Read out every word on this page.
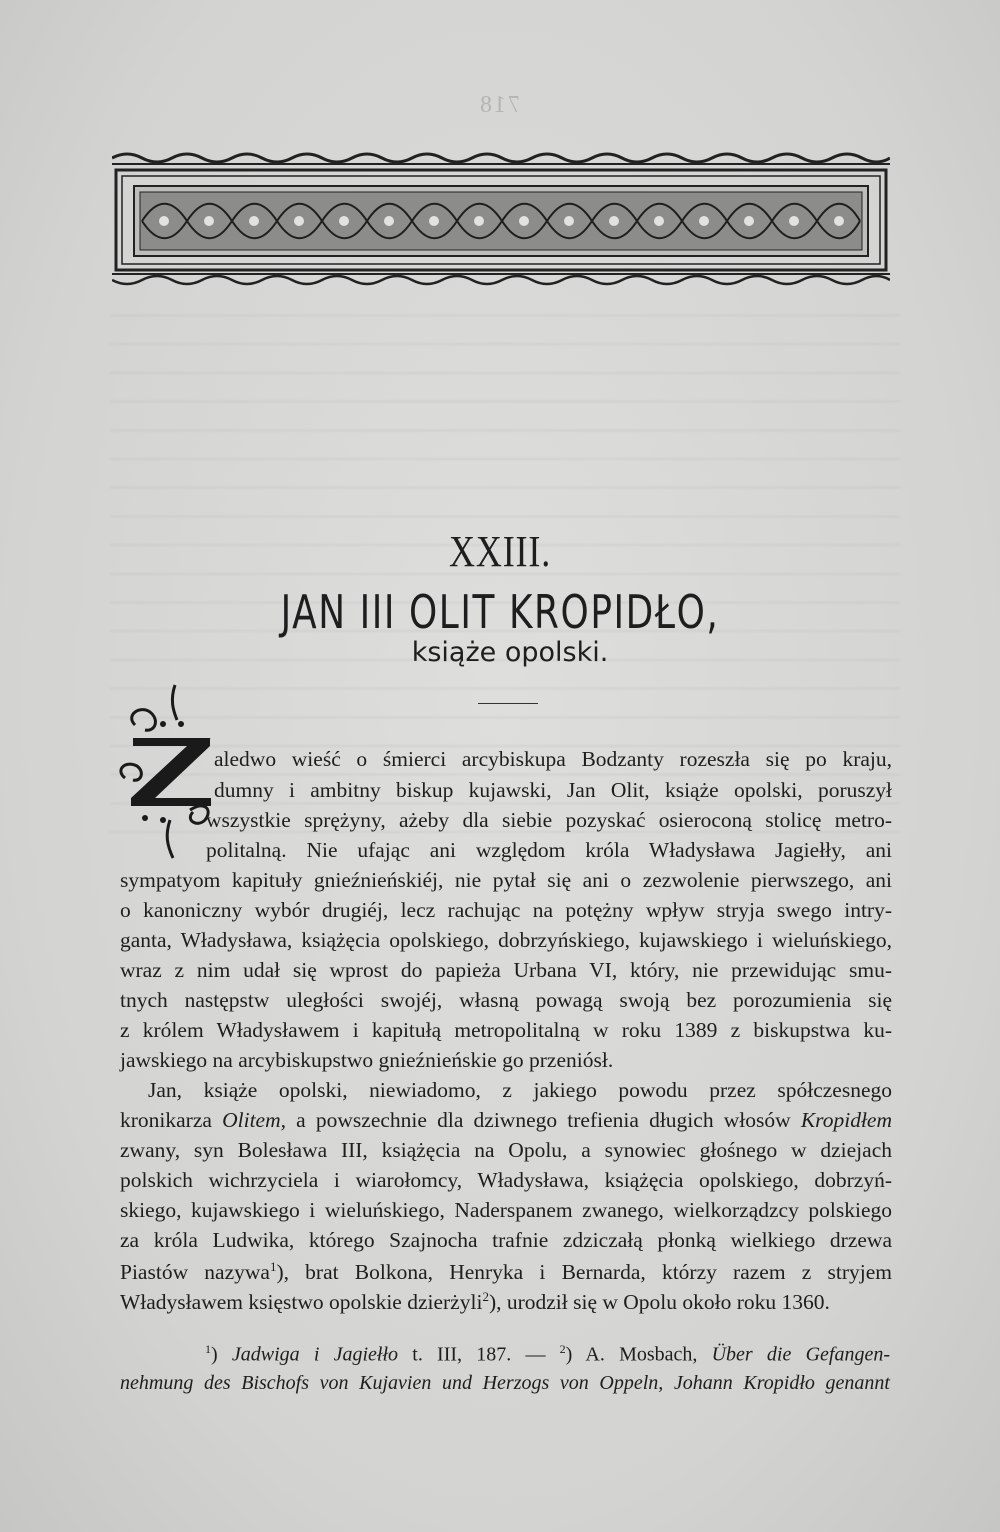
718
XXIII.
JAN III OLIT KROPIDŁO,
książe opolski.
aledwo wieść o śmierci arcybiskupa Bodzanty rozeszła się po kraju,
dumny i ambitny biskup kujawski, Jan Olit, książe opolski, poruszył
wszystkie sprężyny, ażeby dla siebie pozyskać osieroconą stolicę metro-
politalną. Nie ufając ani względom króla Władysława Jagiełły, ani
sympatyom kapituły gnieźnieńskiéj, nie pytał się ani o zezwolenie pierwszego, ani
o kanoniczny wybór drugiéj, lecz rachując na potężny wpływ stryja swego intry-
ganta, Władysława, książęcia opolskiego, dobrzyńskiego, kujawskiego i wieluńskiego,
wraz z nim udał się wprost do papieża Urbana VI, który, nie przewidując smu-
tnych następstw uległości swojéj, własną powagą swoją bez porozumienia się
z królem Władysławem i kapitułą metropolitalną w roku 1389 z biskupstwa ku-
jawskiego na arcybiskupstwo gnieźnieńskie go przeniósł.
Jan, książe opolski, niewiadomo, z jakiego powodu przez spółczesnego
kronikarza Olitem, a powszechnie dla dziwnego trefienia długich włosów Kropidłem
zwany, syn Bolesława III, książęcia na Opolu, a synowiec głośnego w dziejach
polskich wichrzyciela i wiarołomcy, Władysława, książęcia opolskiego, dobrzyń-
skiego, kujawskiego i wieluńskiego, Naderspanem zwanego, wielkorządzcy polskiego
za króla Ludwika, którego Szajnocha trafnie zdziczałą płonką wielkiego drzewa
Piastów nazywa$^1$), brat Bolkona, Henryka i Bernarda, którzy razem z stryjem
Władysławem księstwo opolskie dzierżyli$^2$), urodził się w Opolu około roku 1360.
$^1$) Jadwiga i Jagiełło t. III, 187. — $^2$) A. Mosbach, Über die Gefangen-
nehmung des Bischofs von Kujavien und Herzogs von Oppeln, Johann Kropidło genannt
